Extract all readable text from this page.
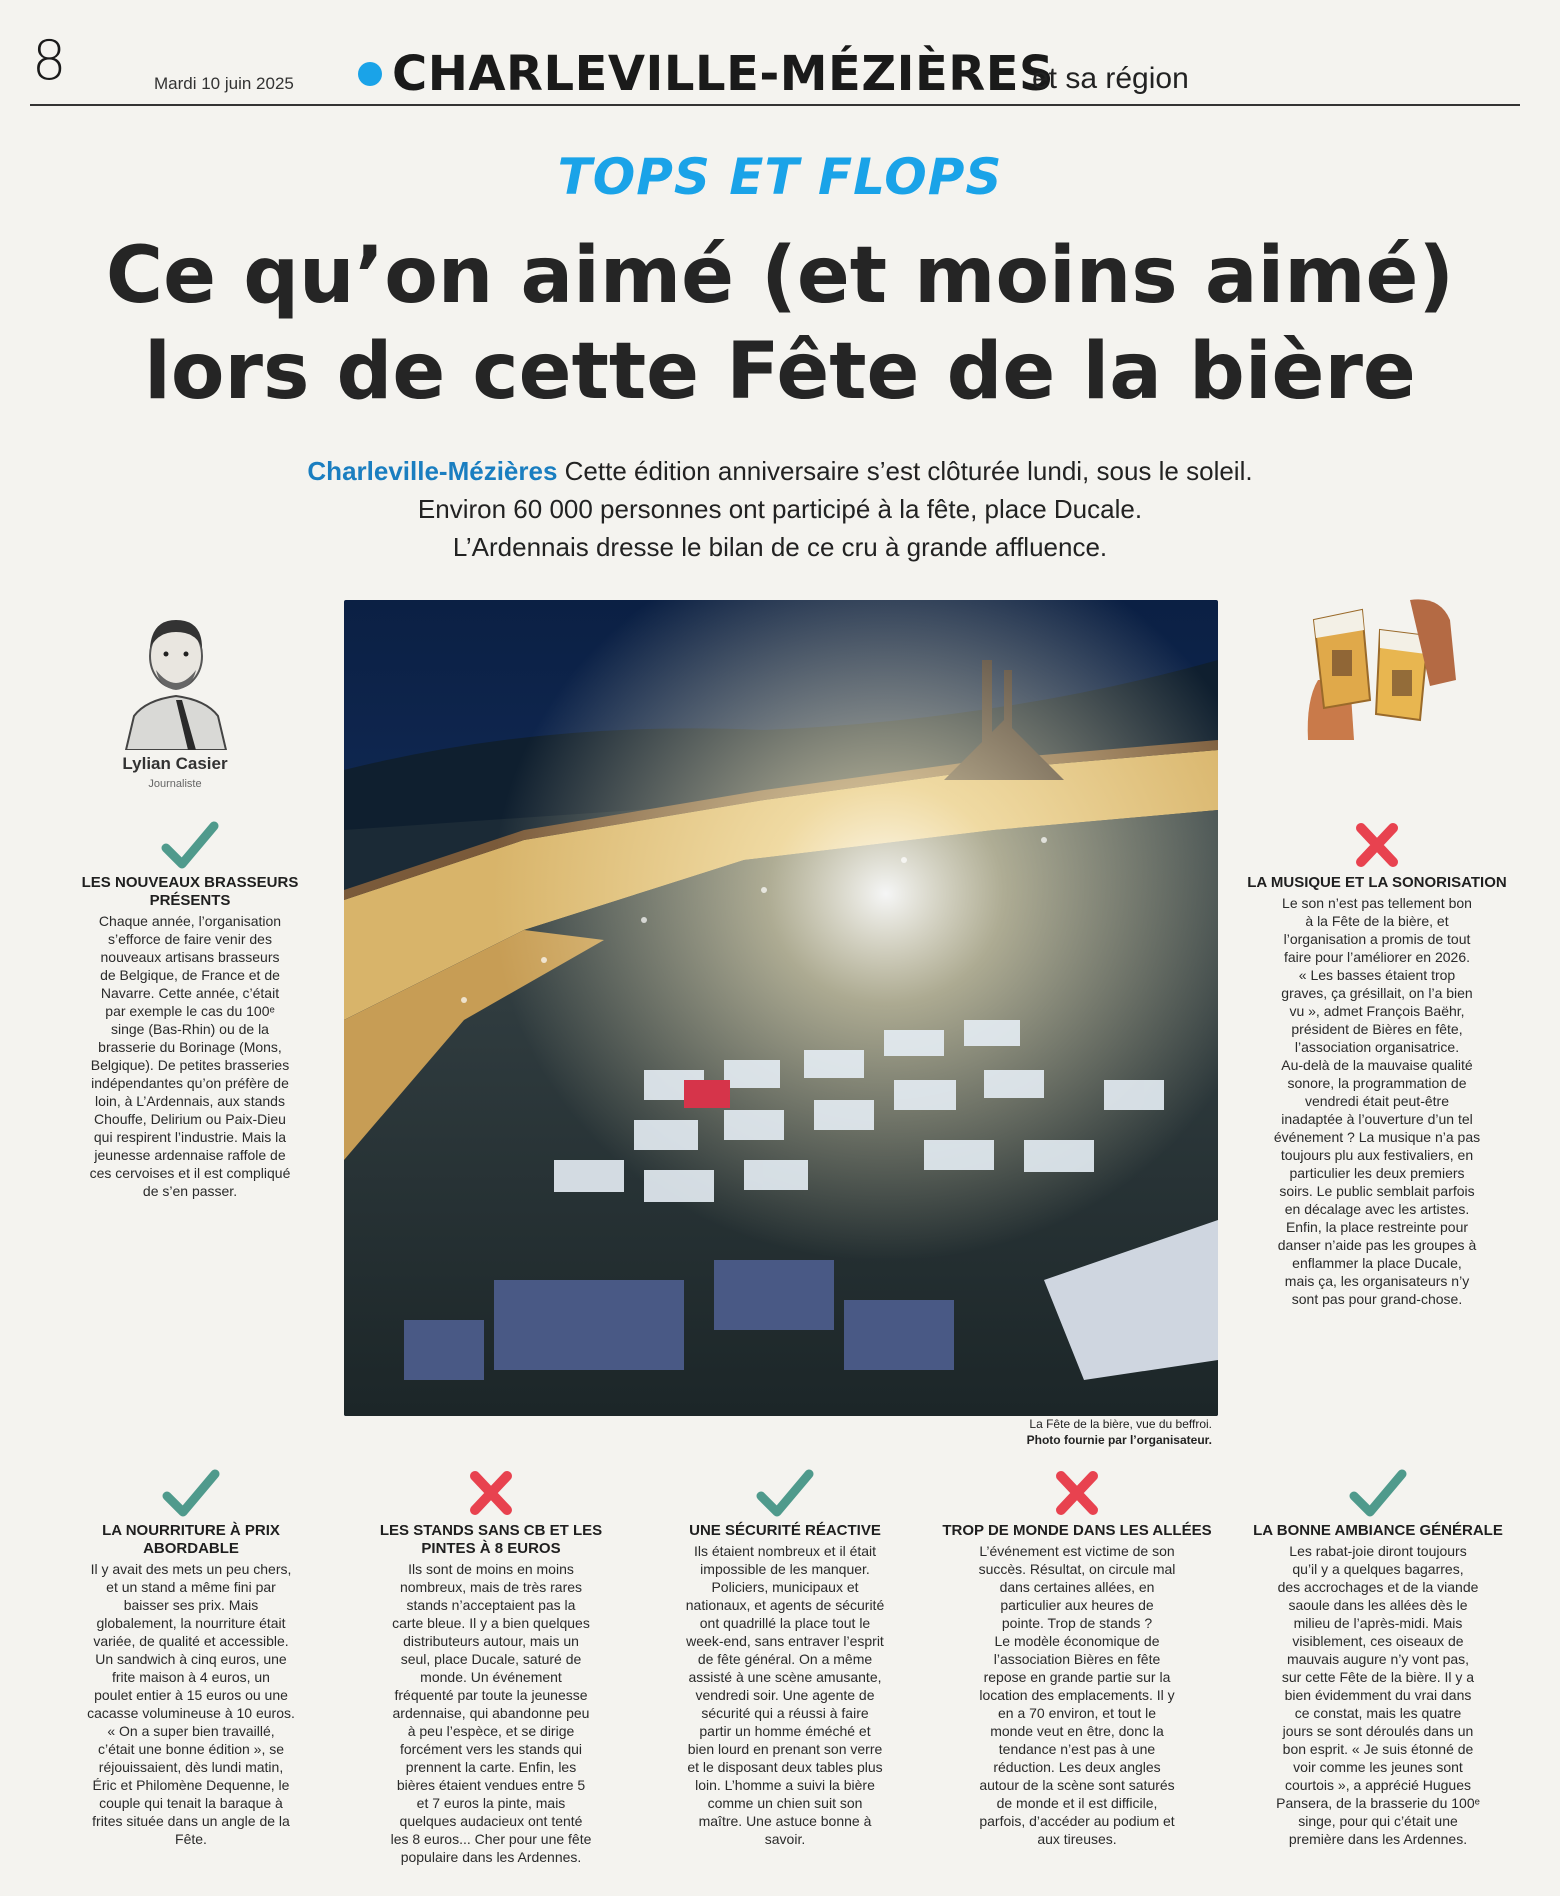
8	Mardi 10 juin 2025 CHARLEVILLE-MÉZIÈRES
et sa région
TOPS ET FLOPS
Ce qu’on aimé (et moins aimé)
lors de cette Fête de la bière
Charleville-Mézières Cette édition anniversaire s’est clôturée lundi, sous le soleil.
Environ 60 000 personnes ont participé à la fête, place Ducale.
L’Ardennais dresse le bilan de ce cru à grande affluence.
Lylian Casier
Journaliste
La Fête de la bière, vue du beffroi.
Photo fournie par l’organisateur.
LES NOUVEAUX BRASSEURS PRÉSENTS

Chaque année, l’organisation
s’efforce de faire venir des
nouveaux artisans brasseurs
de Belgique, de France et de
Navarre. Cette année, c’était
par exemple le cas du 100ᵉ
singe (Bas-Rhin) ou de la
brasserie du Borinage (Mons,
Belgique). De petites brasseries
indépendantes qu’on préfère de
loin, à L’Ardennais, aux stands
Chouffe, Delirium ou Paix-Dieu
qui respirent l’industrie. Mais la
jeunesse ardennaise raffole de
ces cervoises et il est compliqué
de s’en passer.

LA MUSIQUE ET LA SONORISATION

Le son n’est pas tellement bon
à la Fête de la bière, et
l’organisation a promis de tout
faire pour l’améliorer en 2026.
« Les basses étaient trop
graves, ça grésillait, on l’a bien
vu », admet François Baëhr,
président de Bières en fête,
l’association organisatrice.
Au-delà de la mauvaise qualité
sonore, la programmation de
vendredi était peut-être
inadaptée à l’ouverture d’un tel
événement ? La musique n’a pas
toujours plu aux festivaliers, en
particulier les deux premiers
soirs. Le public semblait parfois
en décalage avec les artistes.
Enfin, la place restreinte pour
danser n’aide pas les groupes à
enflammer la place Ducale,
mais ça, les organisateurs n’y
sont pas pour grand-chose.

LA NOURRITURE À PRIX ABORDABLE

Il y avait des mets un peu chers,
et un stand a même fini par
baisser ses prix. Mais
globalement, la nourriture était
variée, de qualité et accessible.
Un sandwich à cinq euros, une
frite maison à 4 euros, un
poulet entier à 15 euros ou une
cacasse volumineuse à 10 euros.
« On a super bien travaillé,
c’était une bonne édition », se
réjouissaient, dès lundi matin,
Éric et Philomène Dequenne, le
couple qui tenait la baraque à
frites située dans un angle de la
Fête.

LES STANDS SANS CB ET LES PINTES À 8 EUROS

Ils sont de moins en moins
nombreux, mais de très rares
stands n’acceptaient pas la
carte bleue. Il y a bien quelques
distributeurs autour, mais un
seul, place Ducale, saturé de
monde. Un événement
fréquenté par toute la jeunesse
ardennaise, qui abandonne peu
à peu l’espèce, et se dirige
forcément vers les stands qui
prennent la carte. Enfin, les
bières étaient vendues entre 5
et 7 euros la pinte, mais
quelques audacieux ont tenté
les 8 euros... Cher pour une fête
populaire dans les Ardennes.

UNE SÉCURITÉ RÉACTIVE

Ils étaient nombreux et il était
impossible de les manquer.
Policiers, municipaux et
nationaux, et agents de sécurité
ont quadrillé la place tout le
week-end, sans entraver l’esprit
de fête général. On a même
assisté à une scène amusante,
vendredi soir. Une agente de
sécurité qui a réussi à faire
partir un homme éméché et
bien lourd en prenant son verre
et le disposant deux tables plus
loin. L’homme a suivi la bière
comme un chien suit son
maître. Une astuce bonne à
savoir.

TROP DE MONDE DANS LES ALLÉES

L’événement est victime de son
succès. Résultat, on circule mal
dans certaines allées, en
particulier aux heures de
pointe. Trop de stands ?
Le modèle économique de
l’association Bières en fête
repose en grande partie sur la
location des emplacements. Il y
en a 70 environ, et tout le
monde veut en être, donc la
tendance n’est pas à une
réduction. Les deux angles
autour de la scène sont saturés
de monde et il est difficile,
parfois, d’accéder au podium et
aux tireuses.

LA BONNE AMBIANCE GÉNÉRALE

Les rabat-joie diront toujours
qu’il y a quelques bagarres,
des accrochages et de la viande
saoule dans les allées dès le
milieu de l’après-midi. Mais
visiblement, ces oiseaux de
mauvais augure n’y vont pas,
sur cette Fête de la bière. Il y a
bien évidemment du vrai dans
ce constat, mais les quatre
jours se sont déroulés dans un
bon esprit. « Je suis étonné de
voir comme les jeunes sont
courtois », a apprécié Hugues
Pansera, de la brasserie du 100ᵉ
singe, pour qui c’était une
première dans les Ardennes.
